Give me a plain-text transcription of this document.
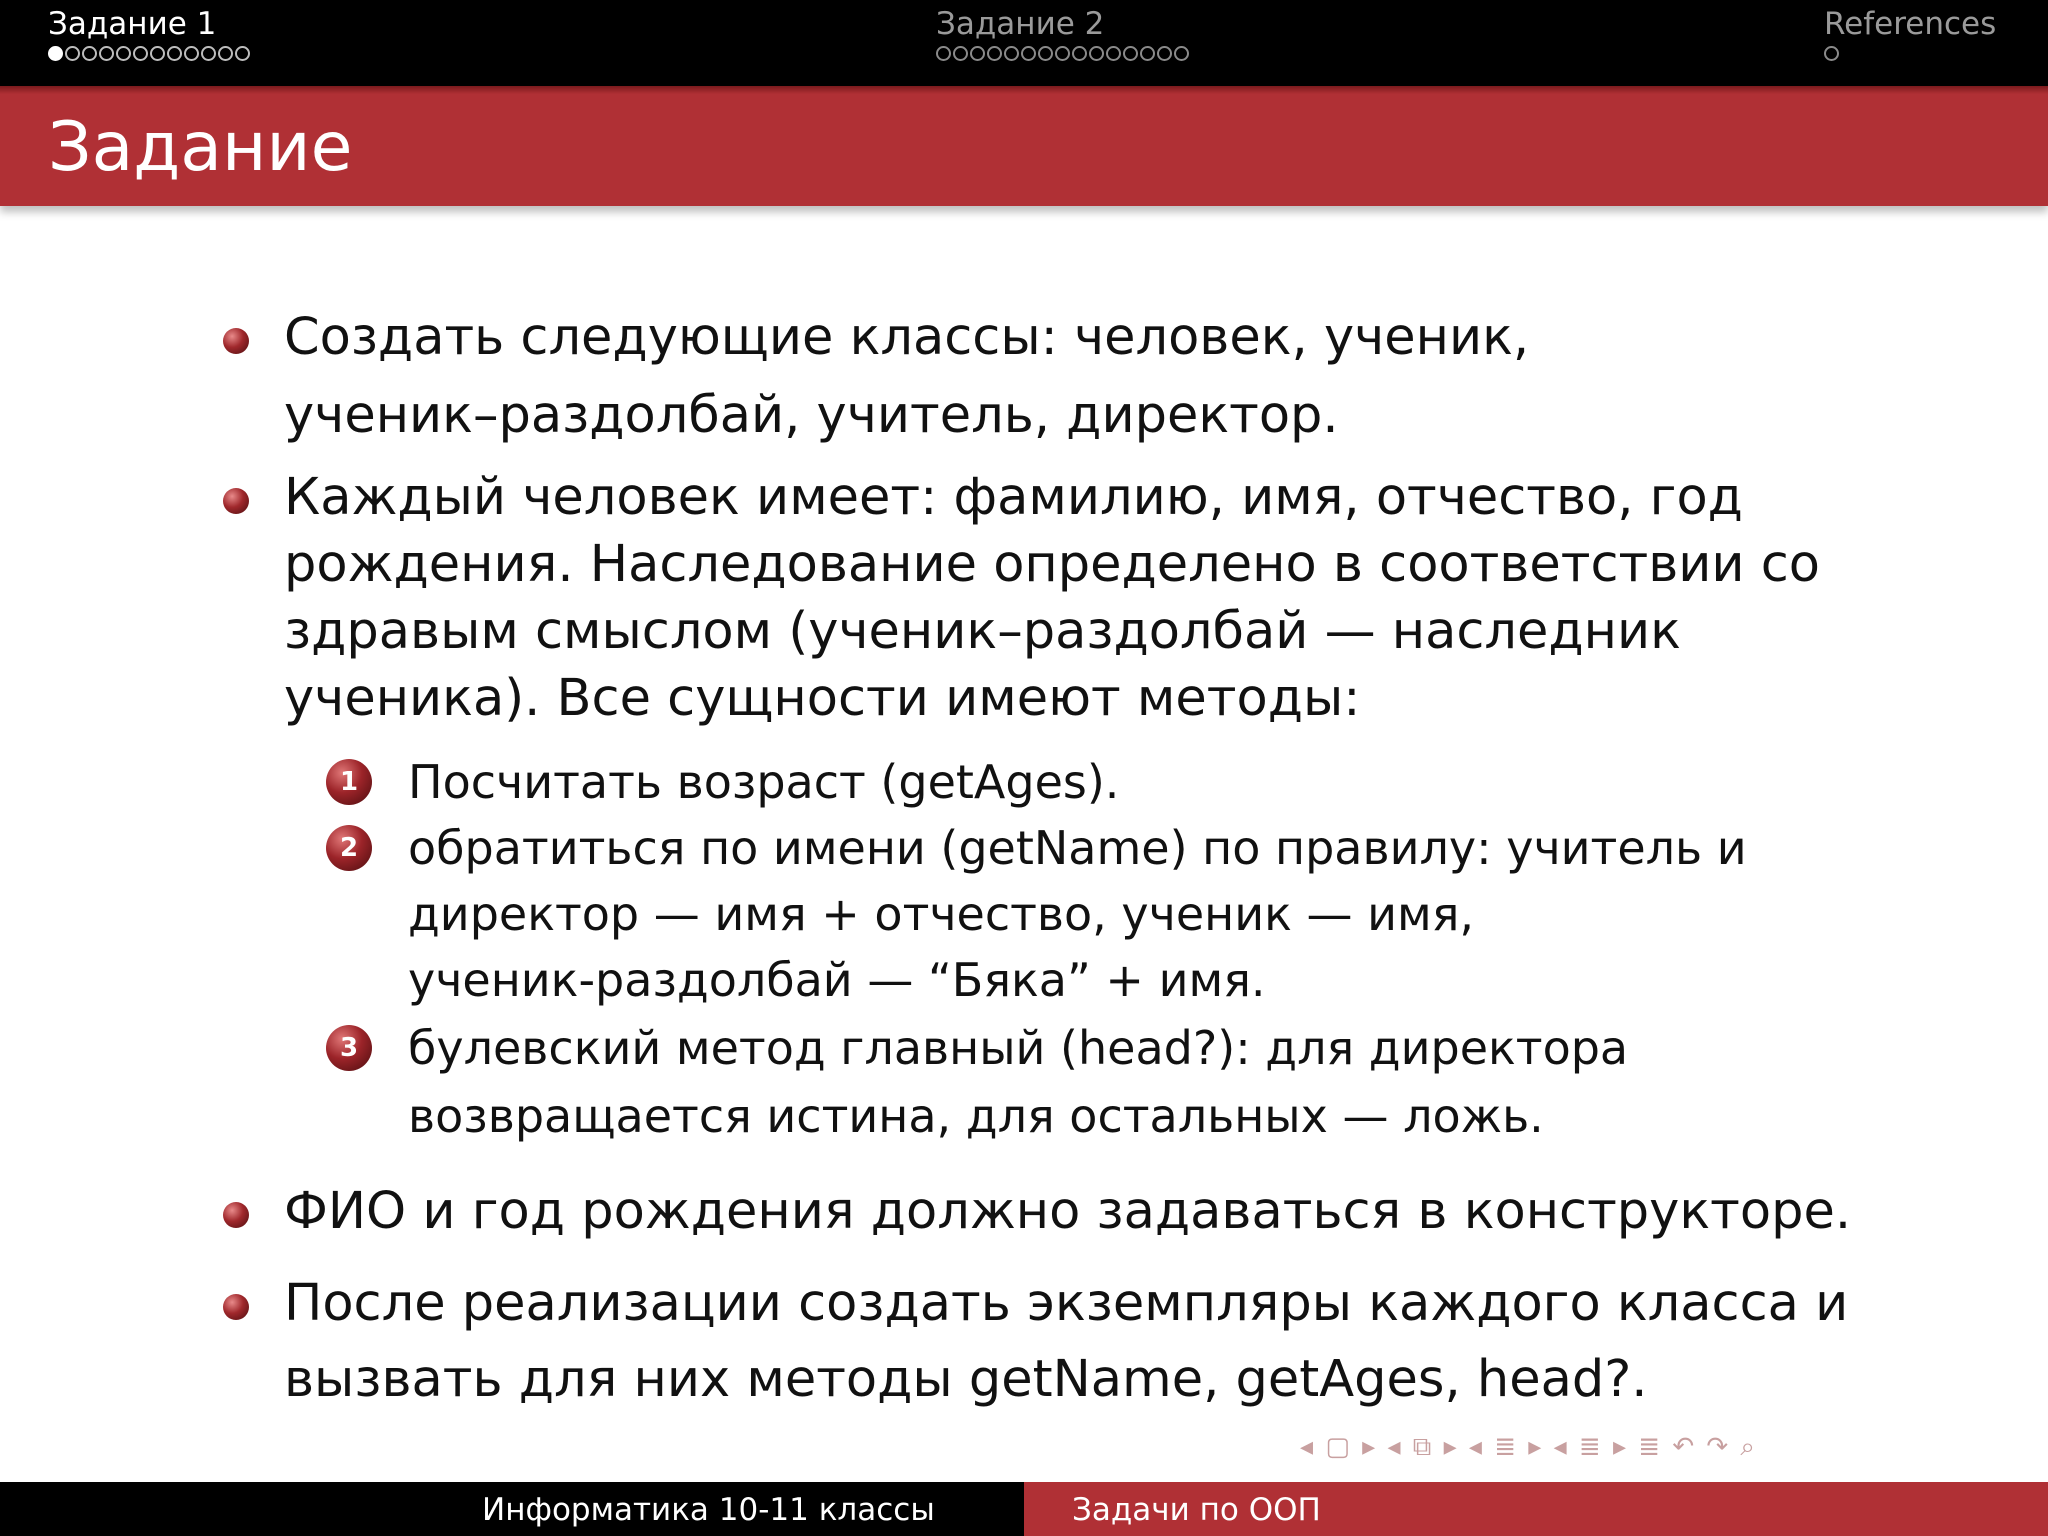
Задание 1	Задание 2	References
Задание
Создать следующие классы: человек, ученик,
ученик–раздолбай, учитель, директор.
Каждый человек имеет: фамилию, имя, отчество, год
рождения. Наследование определено в соответствии со
здравым смыслом (ученик–раздолбай — наследник
ученика). Все сущности имеют методы:
1	Посчитать возраст (getAges).
2	обратиться по имени (getName) по правилу: учитель и
директор — имя + отчество, ученик — имя,
ученик-раздолбай — “Бяка” + имя.
3	булевский метод главный (head?): для директора
возвращается истина, для остальных — ложь.
ФИО и год рождения должно задаваться в конструкторе.
После реализации создать экземпляры каждого класса и
вызвать для них методы getName, getAges, head?.
◂ ▢ ▸ ◂ ⧉ ▸ ◂ ≣ ▸ ◂ ≣ ▸ ≣ ↶ ↷ ⌕
Информатика 10-11 классы	Задачи по ООП
